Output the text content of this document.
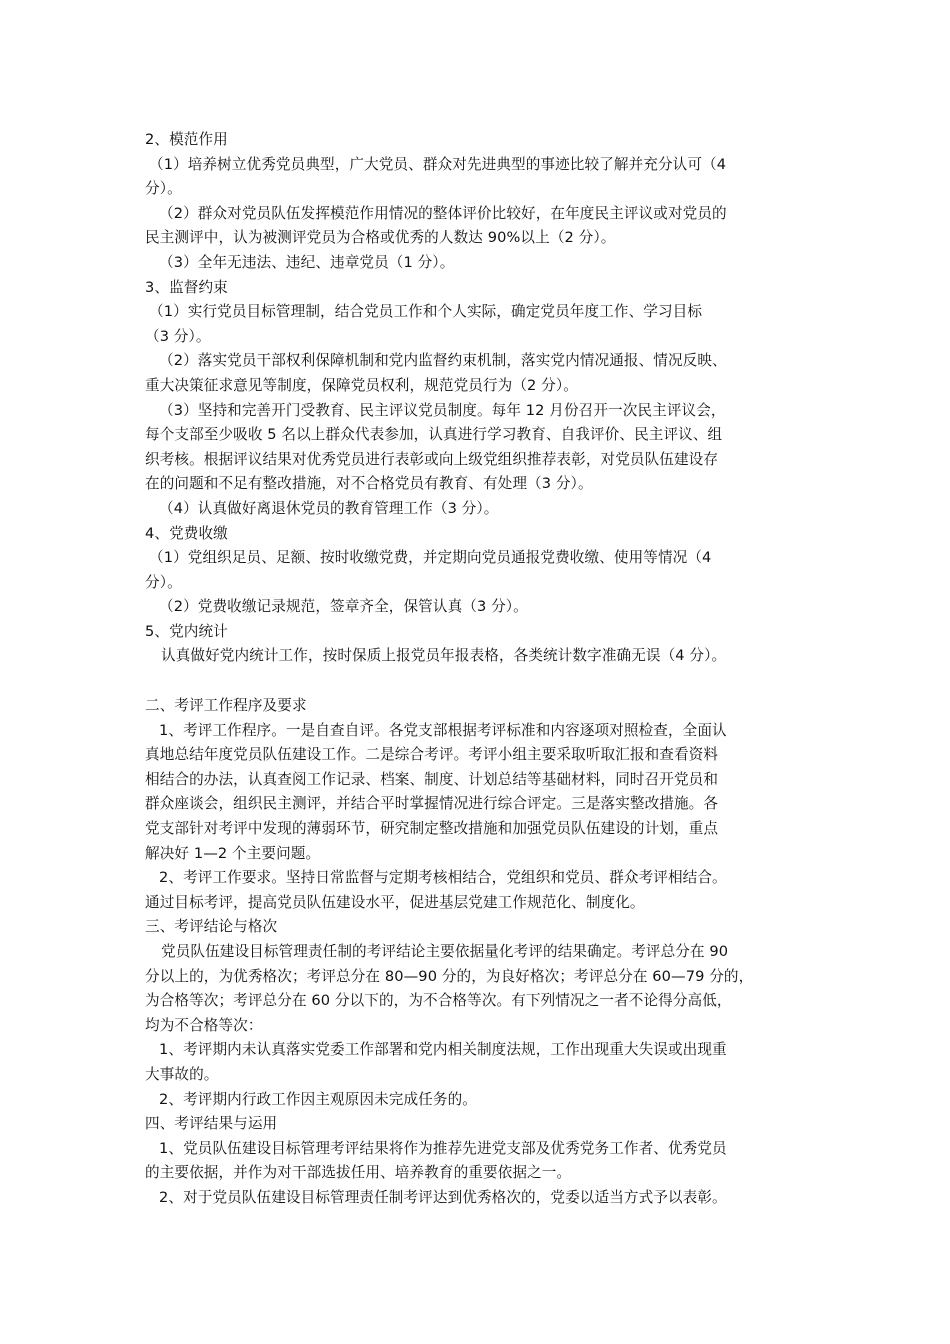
2、模范作用
（1）培养树立优秀党员典型，广大党员、群众对先进典型的事迹比较了解并充分认可（4
分）。
（2）群众对党员队伍发挥模范作用情况的整体评价比较好，在年度民主评议或对党员的
民主测评中，认为被测评党员为合格或优秀的人数达 90%以上（2 分）。
（3）全年无违法、违纪、违章党员（1 分）。
3、监督约束
（1）实行党员目标管理制，结合党员工作和个人实际，确定党员年度工作、学习目标
（3 分）。
（2）落实党员干部权利保障机制和党内监督约束机制，落实党内情况通报、情况反映、
重大决策征求意见等制度，保障党员权利，规范党员行为（2 分）。
（3）坚持和完善开门受教育、民主评议党员制度。每年 12 月份召开一次民主评议会，
每个支部至少吸收 5 名以上群众代表参加，认真进行学习教育、自我评价、民主评议、组
织考核。根据评议结果对优秀党员进行表彰或向上级党组织推荐表彰，对党员队伍建设存
在的问题和不足有整改措施，对不合格党员有教育、有处理（3 分）。
（4）认真做好离退休党员的教育管理工作（3 分）。
4、党费收缴
（1）党组织足员、足额、按时收缴党费，并定期向党员通报党费收缴、使用等情况（4
分）。
（2）党费收缴记录规范，签章齐全，保管认真（3 分）。
5、党内统计
认真做好党内统计工作，按时保质上报党员年报表格，各类统计数字准确无误（4 分）。
二、考评工作程序及要求
1、考评工作程序。一是自查自评。各党支部根据考评标准和内容逐项对照检查，全面认
真地总结年度党员队伍建设工作。二是综合考评。考评小组主要采取听取汇报和查看资料
相结合的办法，认真查阅工作记录、档案、制度、计划总结等基础材料，同时召开党员和
群众座谈会，组织民主测评，并结合平时掌握情况进行综合评定。三是落实整改措施。各
党支部针对考评中发现的薄弱环节，研究制定整改措施和加强党员队伍建设的计划，重点
解决好 1—2 个主要问题。
2、考评工作要求。坚持日常监督与定期考核相结合，党组织和党员、群众考评相结合。
通过目标考评，提高党员队伍建设水平，促进基层党建工作规范化、制度化。
三、考评结论与格次
党员队伍建设目标管理责任制的考评结论主要依据量化考评的结果确定。考评总分在 90
分以上的，为优秀格次；考评总分在 80—90 分的，为良好格次；考评总分在 60—79 分的，
为合格等次；考评总分在 60 分以下的，为不合格等次。有下列情况之一者不论得分高低，
均为不合格等次：
1、考评期内未认真落实党委工作部署和党内相关制度法规，工作出现重大失误或出现重
大事故的。
2、考评期内行政工作因主观原因未完成任务的。
四、考评结果与运用
1、党员队伍建设目标管理考评结果将作为推荐先进党支部及优秀党务工作者、优秀党员
的主要依据，并作为对干部选拔任用、培养教育的重要依据之一。
2、对于党员队伍建设目标管理责任制考评达到优秀格次的，党委以适当方式予以表彰。
